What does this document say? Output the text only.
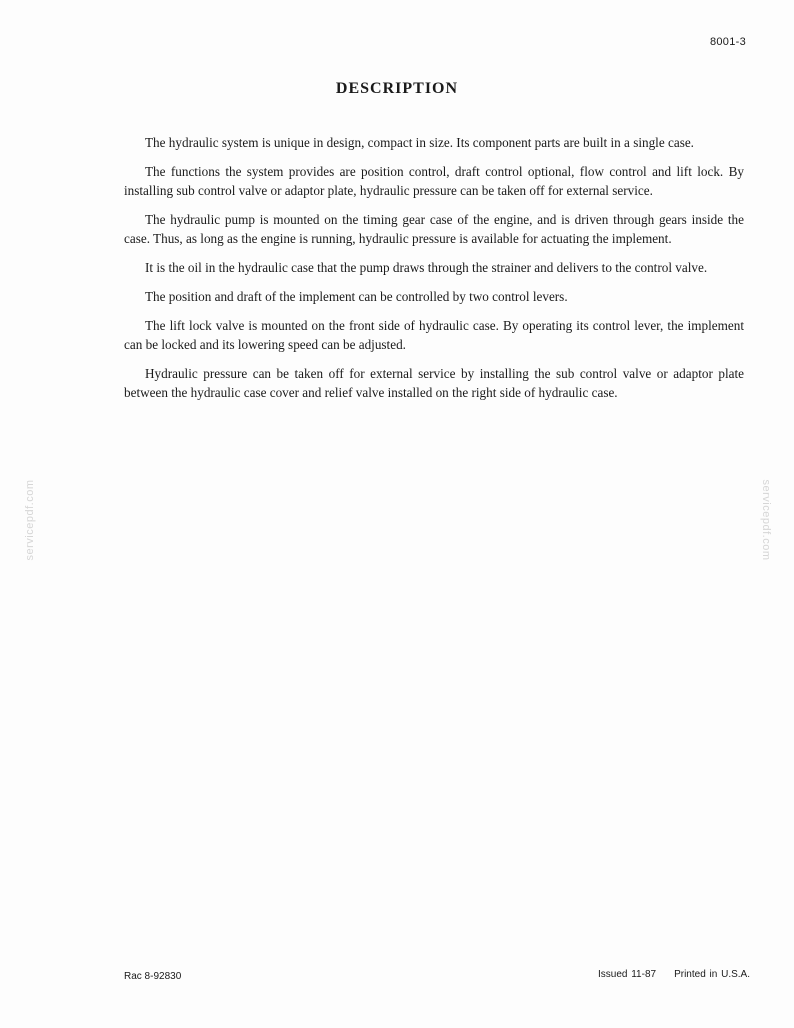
8001-3
DESCRIPTION

The hydraulic system is unique in design, compact in size. Its component parts are built in a single case.

The functions the system provides are position control, draft control optional, flow control and lift lock. By installing sub control valve or adaptor plate, hydraulic pressure can be taken off for external service.

The hydraulic pump is mounted on the timing gear case of the engine, and is driven through gears inside the case. Thus, as long as the engine is running, hydraulic pressure is available for actuating the implement.

It is the oil in the hydraulic case that the pump draws through the strainer and delivers to the control valve.

The position and draft of the implement can be controlled by two control levers.

The lift lock valve is mounted on the front side of hydraulic case. By operating its control lever, the implement can be locked and its lowering speed can be adjusted.

Hydraulic pressure can be taken off for external service by installing the sub control valve or adaptor plate between the hydraulic case cover and relief valve installed on the right side of hydraulic case.

servicepdf.com	servicepdf.com
Rac 8-92830	Issued 11-87 Printed in U.S.A.
